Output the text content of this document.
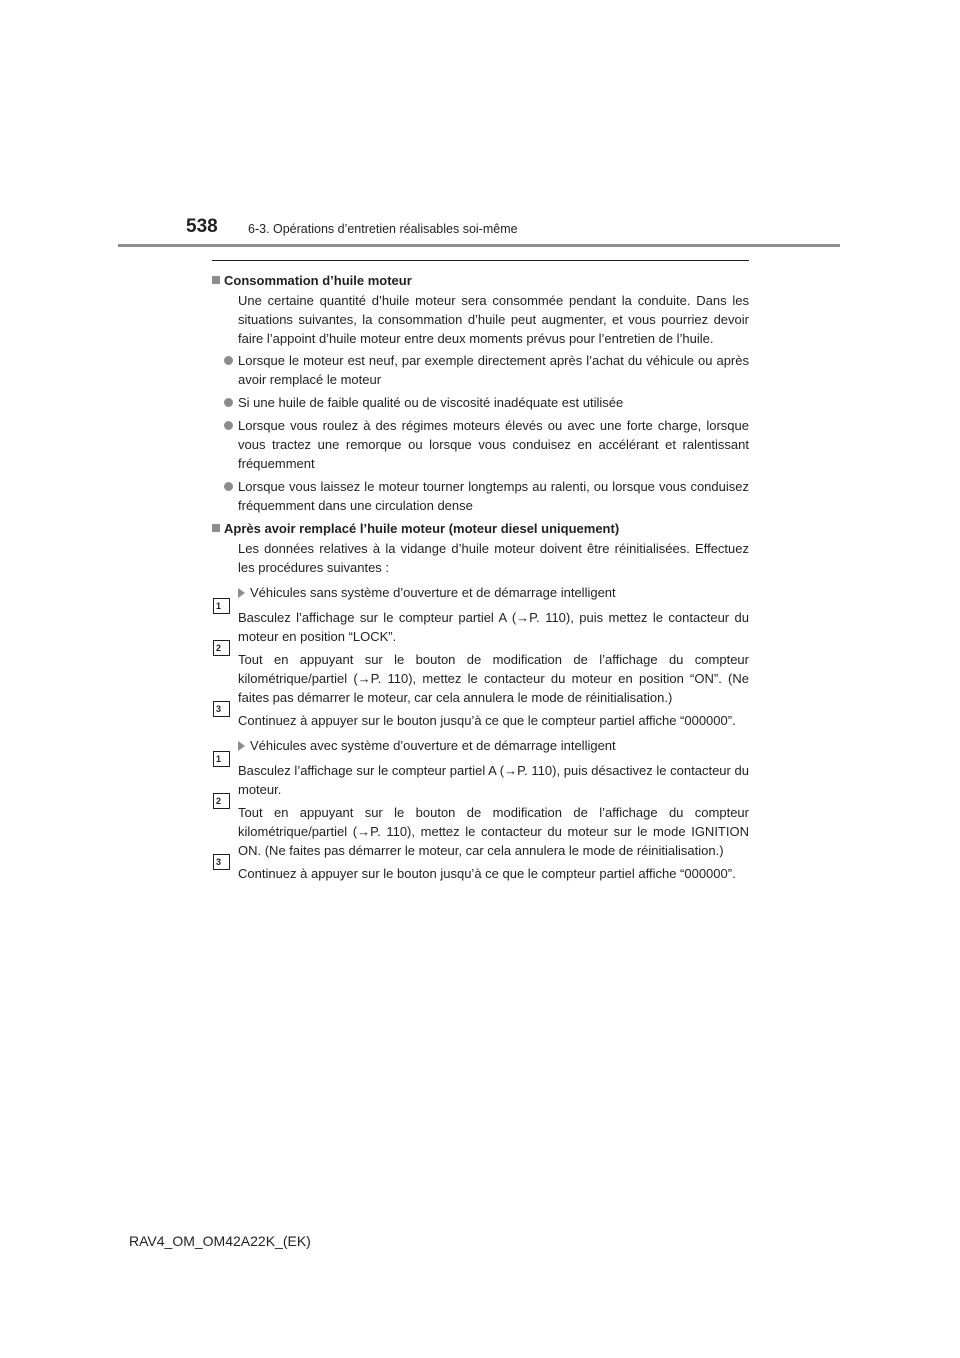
538 6-3. Opérations d’entretien réalisables soi-même
Consommation d’huile moteur
Une certaine quantité d’huile moteur sera consommée pendant la conduite. Dans les situations suivantes, la consommation d’huile peut augmenter, et vous pourriez devoir faire l’appoint d’huile moteur entre deux moments prévus pour l’entretien de l’huile.
Lorsque le moteur est neuf, par exemple directement après l’achat du véhicule ou après avoir remplacé le moteur
Si une huile de faible qualité ou de viscosité inadéquate est utilisée
Lorsque vous roulez à des régimes moteurs élevés ou avec une forte charge, lorsque vous tractez une remorque ou lorsque vous conduisez en accélérant et ralentissant fréquemment
Lorsque vous laissez le moteur tourner longtemps au ralenti, ou lorsque vous conduisez fréquemment dans une circulation dense
Après avoir remplacé l’huile moteur (moteur diesel uniquement)
Les données relatives à la vidange d’huile moteur doivent être réinitialisées. Effectuez les procédures suivantes :
Véhicules sans système d’ouverture et de démarrage intelligent
1
Basculez l’affichage sur le compteur partiel A (→P. 110), puis mettez le contacteur du moteur en position “LOCK”.
2
Tout en appuyant sur le bouton de modification de l’affichage du compteur kilométrique/partiel (→P. 110), mettez le contacteur du moteur en position “ON”. (Ne faites pas démarrer le moteur, car cela annulera le mode de réinitialisation.)
3
Continuez à appuyer sur le bouton jusqu’à ce que le compteur partiel affiche “000000”.
Véhicules avec système d’ouverture et de démarrage intelligent
1
Basculez l’affichage sur le compteur partiel A (→P. 110), puis désactivez le contacteur du moteur.
2
Tout en appuyant sur le bouton de modification de l’affichage du compteur kilométrique/partiel (→P. 110), mettez le contacteur du moteur sur le mode IGNITION ON. (Ne faites pas démarrer le moteur, car cela annulera le mode de réinitialisation.)
3
Continuez à appuyer sur le bouton jusqu’à ce que le compteur partiel affiche “000000”.
RAV4_OM_OM42A22K_(EK)
